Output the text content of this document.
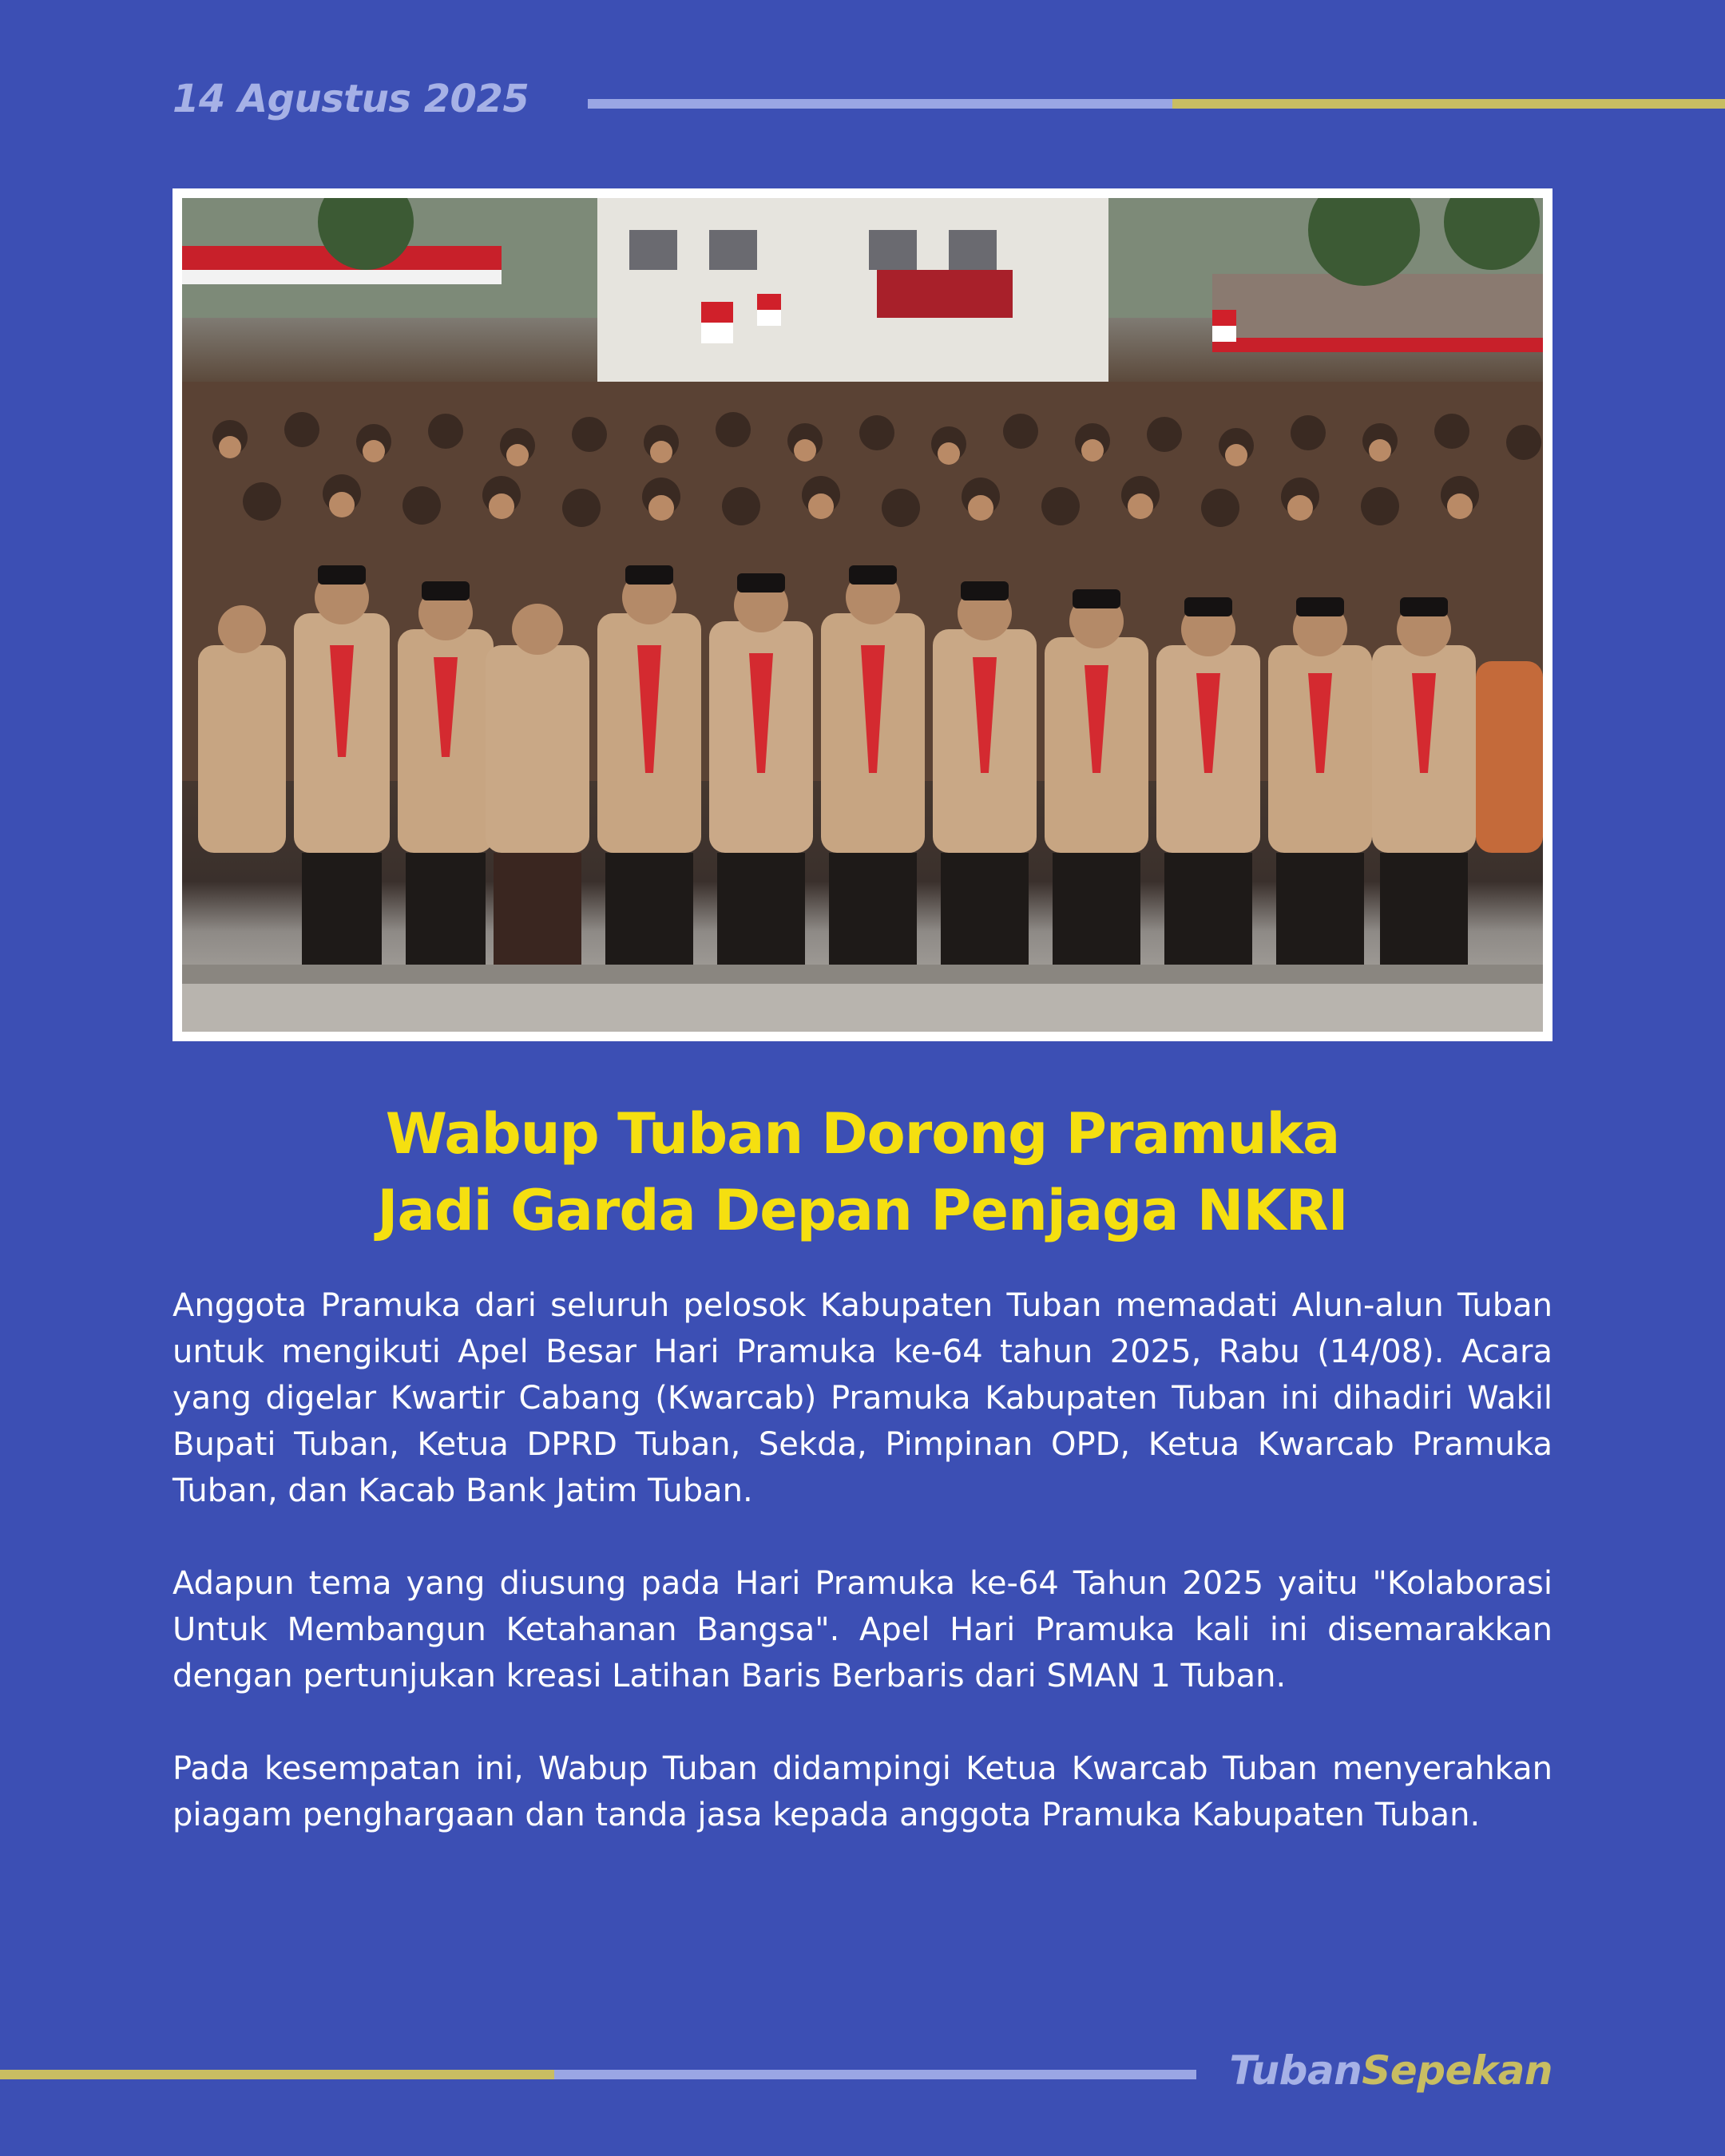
14 Agustus 2025
Wabup Tuban Dorong Pramuka
Jadi Garda Depan Penjaga NKRI

Anggota Pramuka dari seluruh pelosok Kabupaten Tuban memadati Alun-alun Tuban untuk mengikuti Apel Besar Hari Pramuka ke-64 tahun 2025, Rabu (14/08). Acara yang digelar Kwartir Cabang (Kwarcab) Pramuka Kabupaten Tuban ini dihadiri Wakil Bupati Tuban, Ketua DPRD Tuban, Sekda, Pimpinan OPD, Ketua Kwarcab Pramuka Tuban, dan Kacab Bank Jatim Tuban.

Adapun tema yang diusung pada Hari Pramuka ke-64 Tahun 2025 yaitu "Kolaborasi Untuk Membangun Ketahanan Bangsa". Apel Hari Pramuka kali ini disemarakkan dengan pertunjukan kreasi Latihan Baris Berbaris dari SMAN 1 Tuban.

Pada kesempatan ini, Wabup Tuban didampingi Ketua Kwarcab Tuban menyerahkan piagam penghargaan dan tanda jasa kepada anggota Pramuka Kabupaten Tuban.

TubanSepekan
